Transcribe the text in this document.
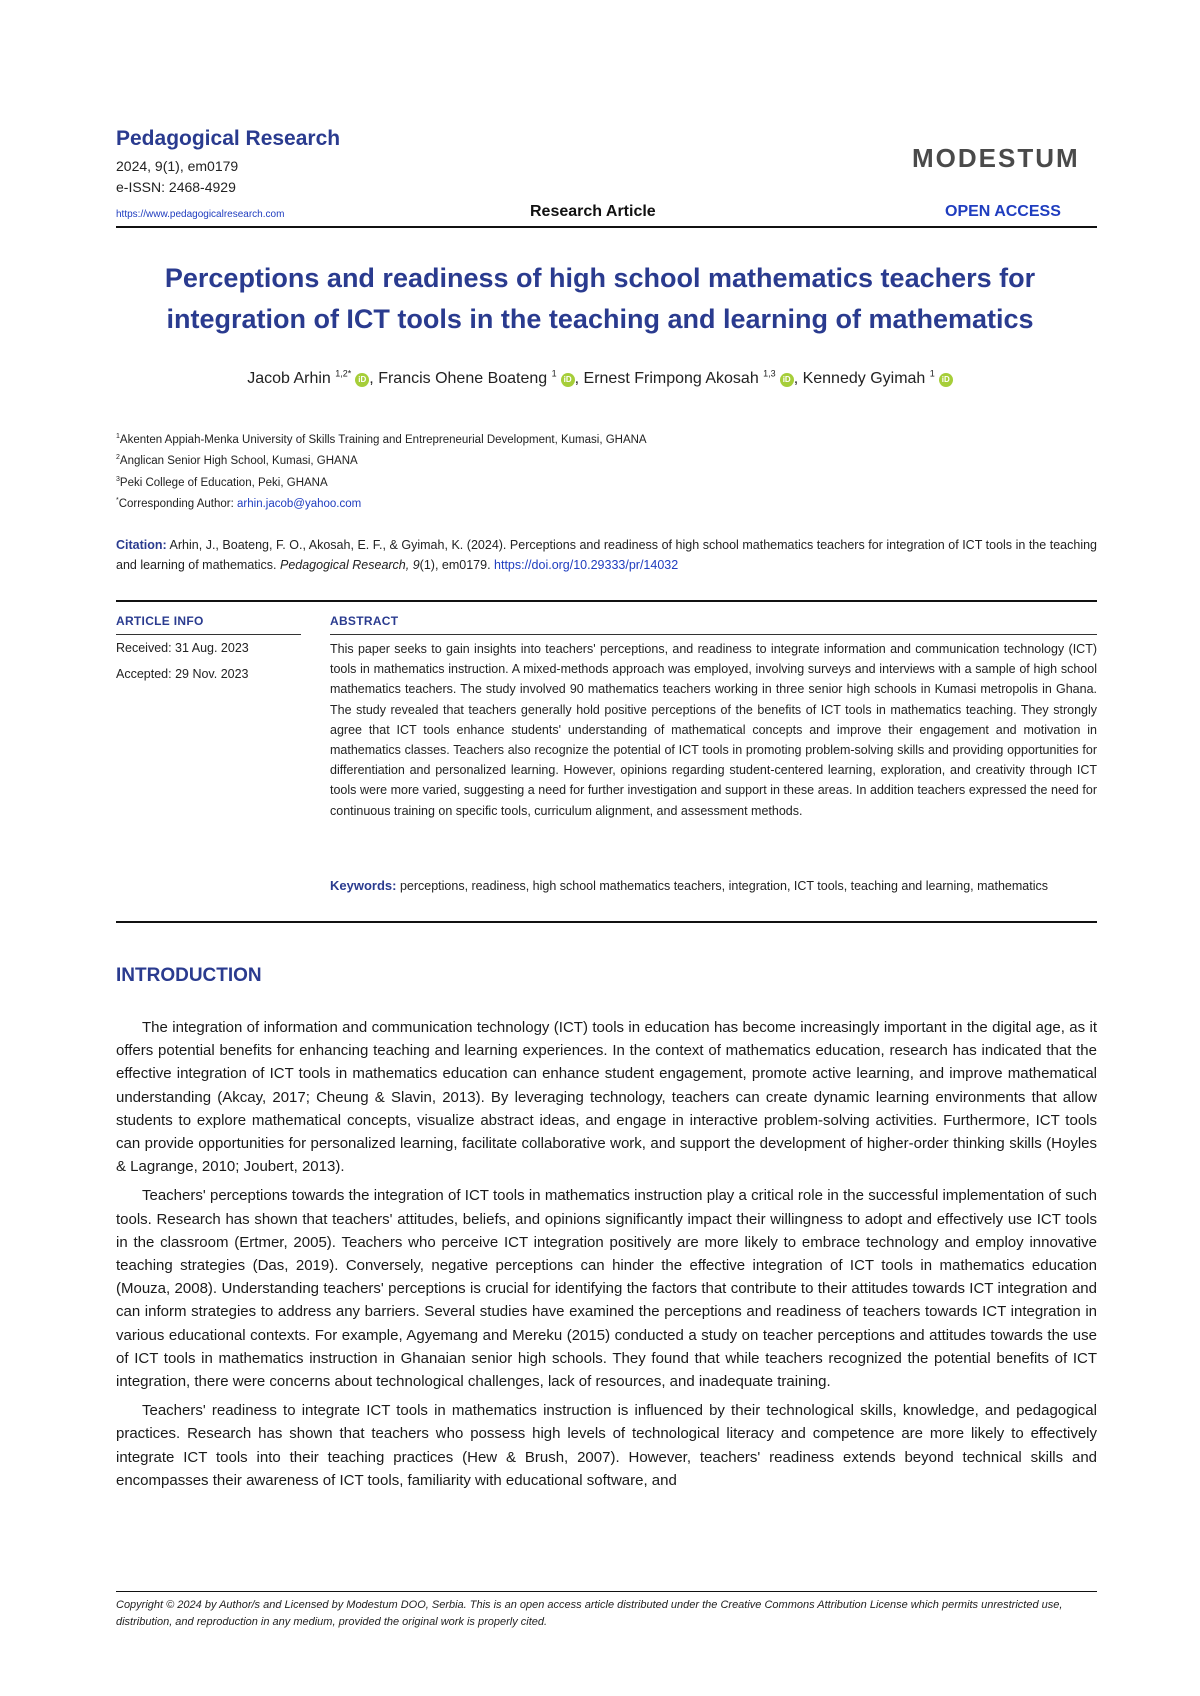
Pedagogical Research
2024, 9(1), em0179
e-ISSN: 2468-4929
https://www.pedagogicalresearch.com
MODESTUM
Research Article	OPEN ACCESS
Perceptions and readiness of high school mathematics teachers for
integration of ICT tools in the teaching and learning of mathematics
Jacob Arhin $^{1,2*}$iD , Francis Ohene Boateng $^1$iD , Ernest Frimpong Akosah $^{1,3}$iD , Kennedy Gyimah $^1$iD
$^1$Akenten Appiah-Menka University of Skills Training and Entrepreneurial Development, Kumasi, GHANA
$^2$Anglican Senior High School, Kumasi, GHANA
$^3$Peki College of Education, Peki, GHANA
*Corresponding Author: arhin.jacob@yahoo.com
Citation: Arhin, J., Boateng, F. O., Akosah, E. F., & Gyimah, K. (2024). Perceptions and readiness of high school mathematics teachers for integration of ICT tools in the teaching and learning of mathematics. Pedagogical Research, 9(1), em0179. https://doi.org/10.29333/pr/14032
ARTICLE INFO
Received: 31 Aug. 2023
Accepted: 29 Nov. 2023
ABSTRACT
This paper seeks to gain insights into teachers' perceptions, and readiness to integrate information and communication technology (ICT) tools in mathematics instruction. A mixed-methods approach was employed, involving surveys and interviews with a sample of high school mathematics teachers. The study involved 90 mathematics teachers working in three senior high schools in Kumasi metropolis in Ghana. The study revealed that teachers generally hold positive perceptions of the benefits of ICT tools in mathematics teaching. They strongly agree that ICT tools enhance students' understanding of mathematical concepts and improve their engagement and motivation in mathematics classes. Teachers also recognize the potential of ICT tools in promoting problem-solving skills and providing opportunities for differentiation and personalized learning. However, opinions regarding student-centered learning, exploration, and creativity through ICT tools were more varied, suggesting a need for further investigation and support in these areas. In addition teachers expressed the need for continuous training on specific tools, curriculum alignment, and assessment methods.
Keywords: perceptions, readiness, high school mathematics teachers, integration, ICT tools, teaching and learning, mathematics
INTRODUCTION

The integration of information and communication technology (ICT) tools in education has become increasingly important in the digital age, as it offers potential benefits for enhancing teaching and learning experiences. In the context of mathematics education, research has indicated that the effective integration of ICT tools in mathematics education can enhance student engagement, promote active learning, and improve mathematical understanding (Akcay, 2017; Cheung & Slavin, 2013). By leveraging technology, teachers can create dynamic learning environments that allow students to explore mathematical concepts, visualize abstract ideas, and engage in interactive problem-solving activities. Furthermore, ICT tools can provide opportunities for personalized learning, facilitate collaborative work, and support the development of higher-order thinking skills (Hoyles & Lagrange, 2010; Joubert, 2013).

Teachers' perceptions towards the integration of ICT tools in mathematics instruction play a critical role in the successful implementation of such tools. Research has shown that teachers' attitudes, beliefs, and opinions significantly impact their willingness to adopt and effectively use ICT tools in the classroom (Ertmer, 2005). Teachers who perceive ICT integration positively are more likely to embrace technology and employ innovative teaching strategies (Das, 2019). Conversely, negative perceptions can hinder the effective integration of ICT tools in mathematics education (Mouza, 2008). Understanding teachers' perceptions is crucial for identifying the factors that contribute to their attitudes towards ICT integration and can inform strategies to address any barriers. Several studies have examined the perceptions and readiness of teachers towards ICT integration in various educational contexts. For example, Agyemang and Mereku (2015) conducted a study on teacher perceptions and attitudes towards the use of ICT tools in mathematics instruction in Ghanaian senior high schools. They found that while teachers recognized the potential benefits of ICT integration, there were concerns about technological challenges, lack of resources, and inadequate training.

Teachers' readiness to integrate ICT tools in mathematics instruction is influenced by their technological skills, knowledge, and pedagogical practices. Research has shown that teachers who possess high levels of technological literacy and competence are more likely to effectively integrate ICT tools into their teaching practices (Hew & Brush, 2007). However, teachers' readiness extends beyond technical skills and encompasses their awareness of ICT tools, familiarity with educational software, and

Copyright © 2024 by Author/s and Licensed by Modestum DOO, Serbia. This is an open access article distributed under the Creative Commons Attribution License which permits unrestricted use, distribution, and reproduction in any medium, provided the original work is properly cited.
